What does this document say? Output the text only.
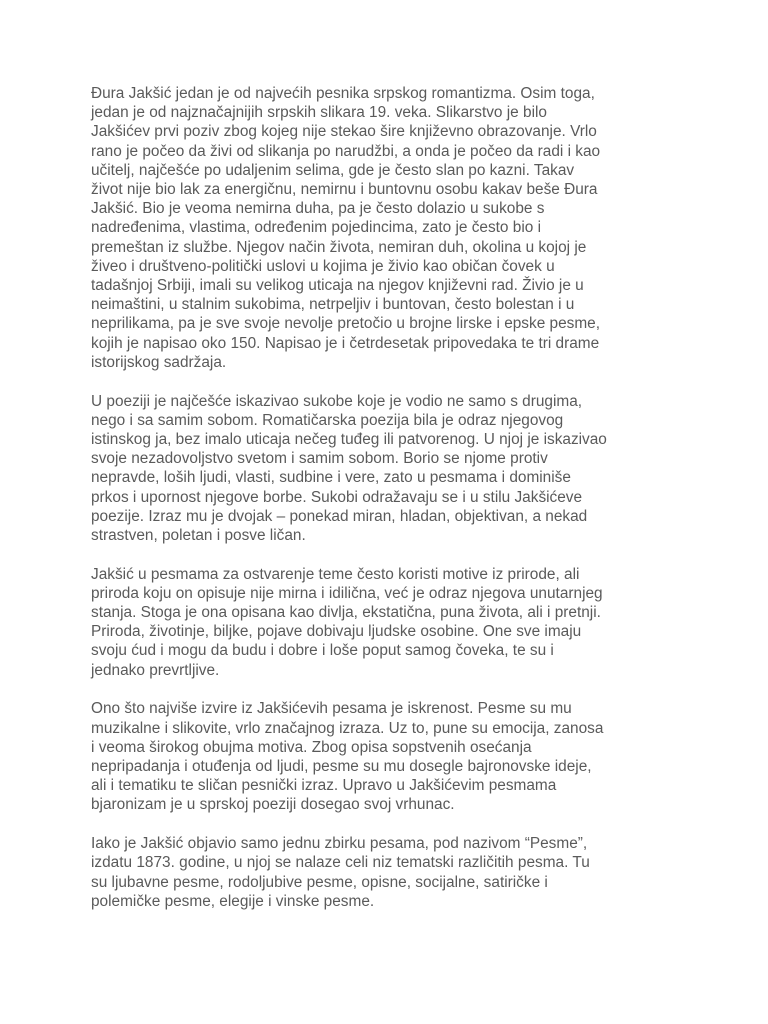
Đura Jakšić jedan je od najvećih pesnika srpskog romantizma. Osim toga,
jedan je od najznačajnijih srpskih slikara 19. veka. Slikarstvo je bilo
Jakšićev prvi poziv zbog kojeg nije stekao šire književno obrazovanje. Vrlo
rano je počeo da živi od slikanja po narudžbi, a onda je počeo da radi i kao
učitelj, najčešće po udaljenim selima, gde je često slan po kazni. Takav
život nije bio lak za energičnu, nemirnu i buntovnu osobu kakav beše Đura
Jakšić. Bio je veoma nemirna duha, pa je često dolazio u sukobe s
nadređenima, vlastima, određenim pojedincima, zato je često bio i
premeštan iz službe. Njegov način života, nemiran duh, okolina u kojoj je
živeo i društveno-politički uslovi u kojima je živio kao običan čovek u
tadašnjoj Srbiji, imali su velikog uticaja na njegov književni rad. Živio je u
neimaštini, u stalnim sukobima, netrpeljiv i buntovan, često bolestan i u
neprilikama, pa je sve svoje nevolje pretočio u brojne lirske i epske pesme,
kojih je napisao oko 150. Napisao je i četrdesetak pripovedaka te tri drame
istorijskog sadržaja.

U poeziji je najčešće iskazivao sukobe koje je vodio ne samo s drugima,
nego i sa samim sobom. Romatičarska poezija bila je odraz njegovog
istinskog ja, bez imalo uticaja nečeg tuđeg ili patvorenog. U njoj je iskazivao
svoje nezadovoljstvo svetom i samim sobom. Borio se njome protiv
nepravde, loših ljudi, vlasti, sudbine i vere, zato u pesmama i dominiše
prkos i upornost njegove borbe. Sukobi odražavaju se i u stilu Jakšićeve
poezije. Izraz mu je dvojak – ponekad miran, hladan, objektivan, a nekad
strastven, poletan i posve ličan.

Jakšić u pesmama za ostvarenje teme često koristi motive iz prirode, ali
priroda koju on opisuje nije mirna i idilična, već je odraz njegova unutarnjeg
stanja. Stoga je ona opisana kao divlja, ekstatična, puna života, ali i pretnji.
Priroda, životinje, biljke, pojave dobivaju ljudske osobine. One sve imaju
svoju ćud i mogu da budu i dobre i loše poput samog čoveka, te su i
jednako prevrtljive.

Ono što najviše izvire iz Jakšićevih pesama je iskrenost. Pesme su mu
muzikalne i slikovite, vrlo značajnog izraza. Uz to, pune su emocija, zanosa
i veoma širokog obujma motiva. Zbog opisa sopstvenih osećanja
nepripadanja i otuđenja od ljudi, pesme su mu dosegle bajronovske ideje,
ali i tematiku te sličan pesnički izraz. Upravo u Jakšićevim pesmama
bjaronizam je u sprskoj poeziji dosegao svoj vrhunac.

Iako je Jakšić objavio samo jednu zbirku pesama, pod nazivom “Pesme”,
izdatu 1873. godine, u njoj se nalaze celi niz tematski različitih pesma. Tu
su ljubavne pesme, rodoljubive pesme, opisne, socijalne, satiričke i
polemičke pesme, elegije i vinske pesme.
